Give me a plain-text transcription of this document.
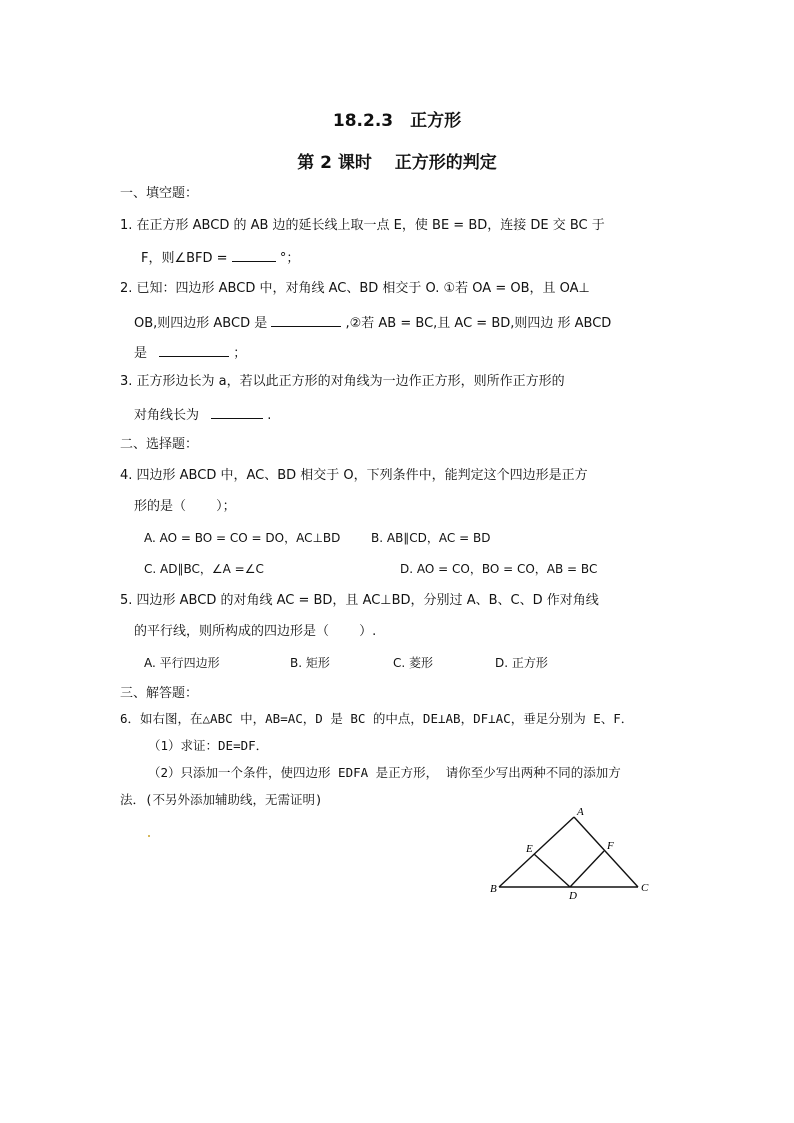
18.2.3　正方形
第 2 课时　 正方形的判定
一、填空题：
1. 在正方形 ABCD 的 AB 边的延长线上取一点 E，使 BE = BD，连接 DE 交 BC 于
F，则∠BFD =	°；
2. 已知：四边形 ABCD 中，对角线 AC、BD 相交于 O. ①若 OA = OB，且 OA⊥
OB,则四边形 ABCD 是	,②若 AB = BC,且 AC = BD,则四边 形 ABCD
是	；
3. 正方形边长为 a，若以此正方形的对角线为一边作正方形，则所作正方形的
对角线长为	.
二、选择题：
4. 四边形 ABCD 中，AC、BD 相交于 O，下列条件中，能判定这个四边形是正方
形的是（　　 ）；
A. AO = BO = CO = DO，AC⊥BD	B. AB∥CD，AC = BD
C. AD∥BC，∠A =∠C	D. AO = CO，BO = CO，AB = BC
5. 四边形 ABCD 的对角线 AC = BD，且 AC⊥BD，分别过 A、B、C、D 作对角线
的平行线，则所构成的四边形是（　　 ）.
A. 平行四边形	B. 矩形	C. 菱形	D. 正方形
三、解答题：
6．如右图，在△ABC 中，AB=AC，D 是 BC 的中点，DE⊥AB，DF⊥AC，垂足分别为 E、F．
（1）求证：DE=DF．
（2）只添加一个条件，使四边形 EDFA 是正方形， 请你至少写出两种不同的添加方
法．(不另外添加辅助线，无需证明)
A
B	C
D
E	F
